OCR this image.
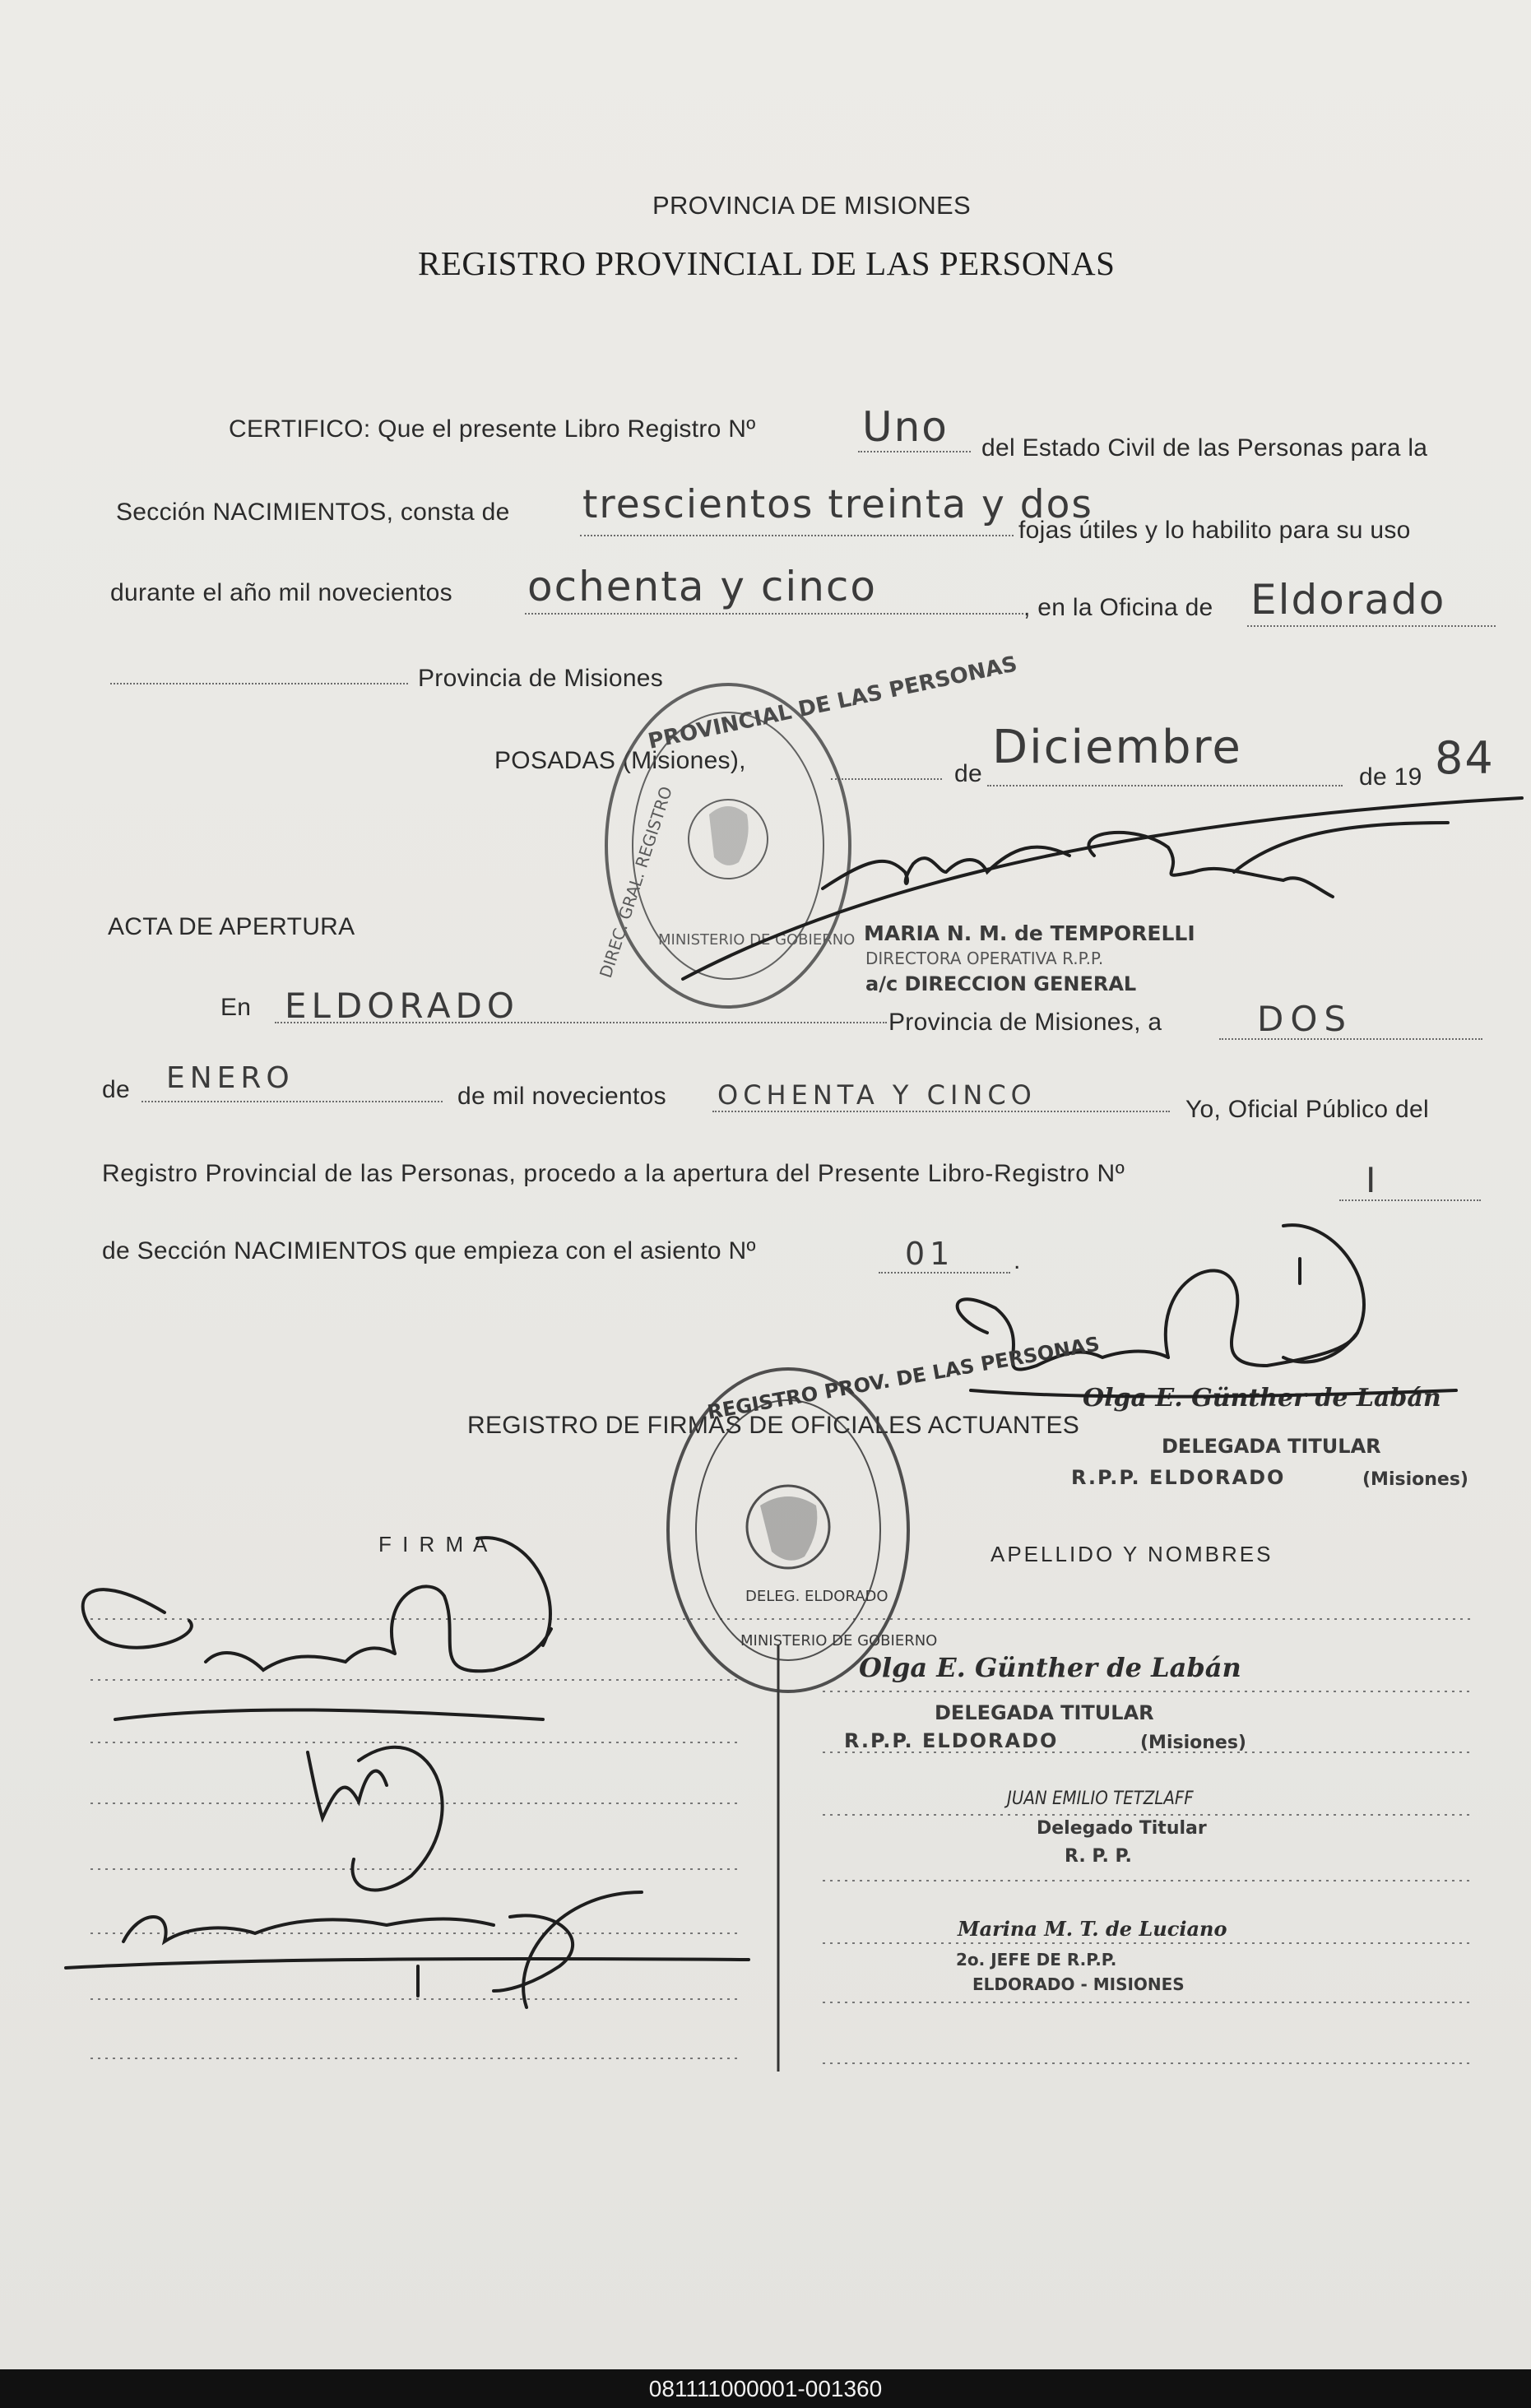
PROVINCIA DE MISIONES
REGISTRO PROVINCIAL DE LAS PERSONAS
CERTIFICO: Que el presente Libro Registro Nº	Uno del Estado Civil de las Personas para la
Sección NACIMIENTOS, consta de trescientos treinta y dos
fojas útiles y lo habilito para su uso
durante el año mil novecientos ochenta y cinco	, en la Oficina de Eldorado
Provincia de Misiones
POSADAS (Misiones),	de Diciembre
de 19 84
MARIA N. M. de TEMPORELLI
DIRECTORA OPERATIVA R.P.P.
a/c DIRECCION GENERAL
ACTA DE APERTURA
En ELDORADO	Provincia de Misiones, a	DOS
de ENERO
de mil novecientos OCHENTA Y CINCO	Yo, Oficial Público del
Registro Provincial de las Personas, procedo a la apertura del Presente Libro-Registro Nº	I
de Sección NACIMIENTOS que empieza con el asiento Nº	01 .
Olga E. Günther de Labán
DELEGADA TITULAR
R.P.P. ELDORADO	(Misiones)
REGISTRO DE FIRMAS DE OFICIALES ACTUANTES
F I R M A	APELLIDO Y NOMBRES
Olga E. Günther de Labán
DELEGADA TITULAR
R.P.P. ELDORADO	(Misiones)
JUAN EMILIO TETZLAFF
Delegado Titular
R. P. P.
Marina M. T. de Luciano
2o. JEFE DE R.P.P.
ELDORADO - MISIONES
PROVINCIAL DE LAS PERSONAS
DIREC. GRAL. REGISTRO
MINISTERIO DE GOBIERNO
REGISTRO PROV. DE LAS PERSONAS
MINISTERIO DE GOBIERNO
DELEG. ELDORADO
081111000001-001360
